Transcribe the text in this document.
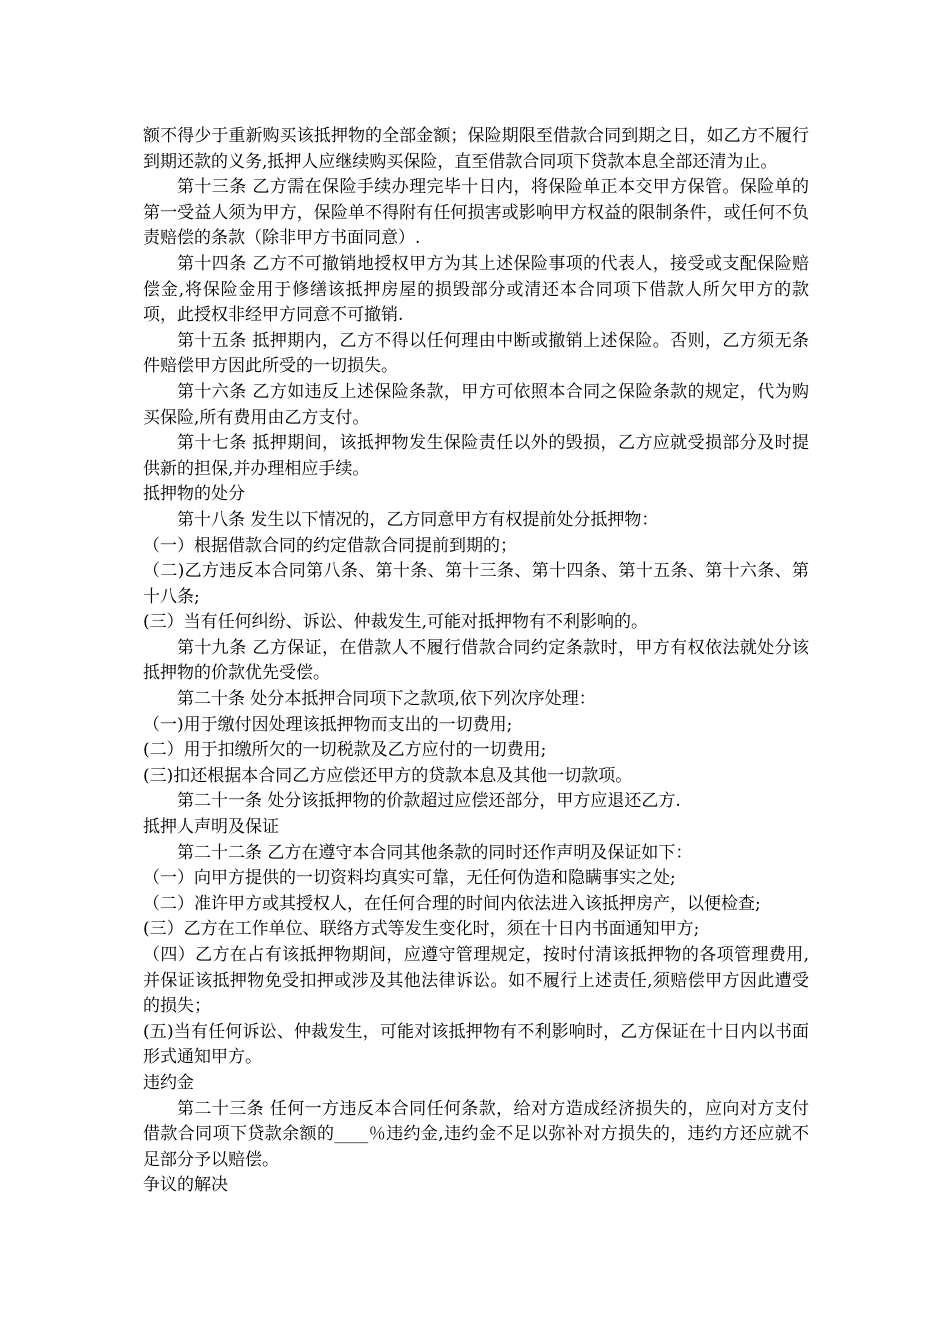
额不得少于重新购买该抵押物的全部金额；保险期限至借款合同到期之日，如乙方不履行到期还款的义务,抵押人应继续购买保险，直至借款合同项下贷款本息全部还清为止。

第十三条 乙方需在保险手续办理完毕十日内，将保险单正本交甲方保管。保险单的第一受益人须为甲方，保险单不得附有任何损害或影响甲方权益的限制条件，或任何不负责赔偿的条款（除非甲方书面同意）.

第十四条 乙方不可撤销地授权甲方为其上述保险事项的代表人，接受或支配保险赔偿金,将保险金用于修缮该抵押房屋的损毁部分或清还本合同项下借款人所欠甲方的款项，此授权非经甲方同意不可撤销.

第十五条 抵押期内，乙方不得以任何理由中断或撤销上述保险。否则，乙方须无条件赔偿甲方因此所受的一切损失。

第十六条 乙方如违反上述保险条款，甲方可依照本合同之保险条款的规定，代为购买保险,所有费用由乙方支付。

第十七条 抵押期间，该抵押物发生保险责任以外的毁损，乙方应就受损部分及时提供新的担保,并办理相应手续。

抵押物的处分

第十八条 发生以下情况的，乙方同意甲方有权提前处分抵押物：

（一）根据借款合同的约定借款合同提前到期的；

（二)乙方违反本合同第八条、第十条、第十三条、第十四条、第十五条、第十六条、第十八条;

(三）当有任何纠纷、诉讼、仲裁发生,可能对抵押物有不利影响的。

第十九条 乙方保证，在借款人不履行借款合同约定条款时，甲方有权依法就处分该抵押物的价款优先受偿。

第二十条 处分本抵押合同项下之款项,依下列次序处理：

（一)用于缴付因处理该抵押物而支出的一切费用;

(二）用于扣缴所欠的一切税款及乙方应付的一切费用;

(三)扣还根据本合同乙方应偿还甲方的贷款本息及其他一切款项。

第二十一条 处分该抵押物的价款超过应偿还部分，甲方应退还乙方.

抵押人声明及保证

第二十二条 乙方在遵守本合同其他条款的同时还作声明及保证如下：

（一）向甲方提供的一切资料均真实可靠，无任何伪造和隐瞒事实之处;

（二）准许甲方或其授权人，在任何合理的时间内依法进入该抵押房产，以便检查;

(三）乙方在工作单位、联络方式等发生变化时，须在十日内书面通知甲方;

（四）乙方在占有该抵押物期间，应遵守管理规定，按时付清该抵押物的各项管理费用,并保证该抵押物免受扣押或涉及其他法律诉讼。如不履行上述责任,须赔偿甲方因此遭受的损失；

(五)当有任何诉讼、仲裁发生，可能对该抵押物有不利影响时，乙方保证在十日内以书面形式通知甲方。

违约金

第二十三条 任何一方违反本合同任何条款，给对方造成经济损失的，应向对方支付借款合同项下贷款余额的____％违约金,违约金不足以弥补对方损失的，违约方还应就不足部分予以赔偿。

争议的解决
